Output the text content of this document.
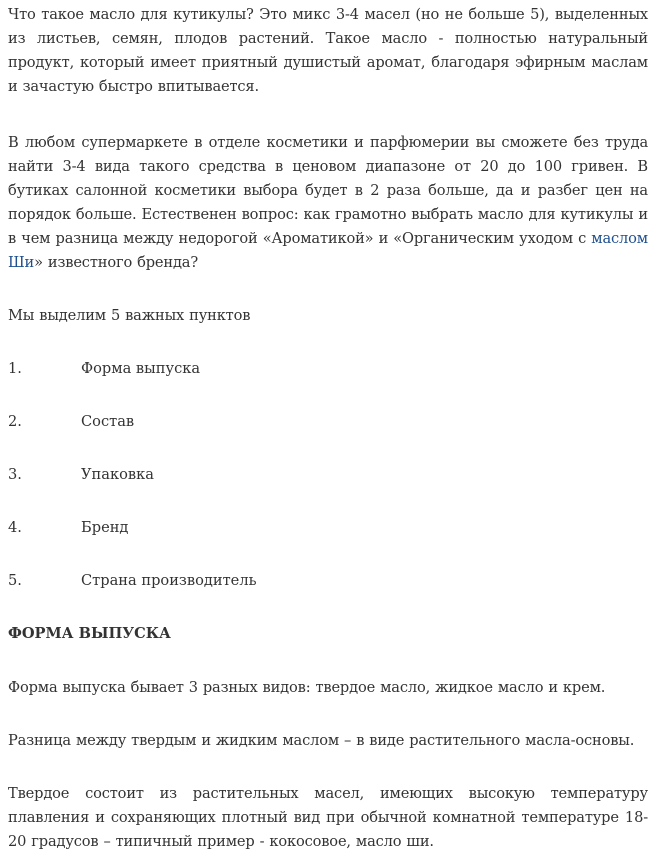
Что такое масло для кутикулы? Это микс 3-4 масел (но не больше 5), выделенных из листьев, семян, плодов растений. Такое масло - полностью натуральный продукт, который имеет приятный душистый аромат, благодаря эфирным маслам и зачастую быстро впитывается.

В любом супермаркете в отделе косметики и парфюмерии вы сможете без труда найти 3-4 вида такого средства в ценовом диапазоне от 20 до 100 гривен. В бутиках салонной косметики выбора будет в 2 раза больше, да и разбег цен на порядок больше. Естественен вопрос: как грамотно выбрать масло для кутикулы и в чем разница между недорогой «Ароматикой» и «Органическим уходом с маслом Ши» известного бренда?

Мы выделим 5 важных пунктов

1.	Форма выпуска
2.	Состав
3.	Упаковка
4.	Бренд
5.	Страна производитель
ФОРМА ВЫПУСКА

Форма выпуска бывает 3 разных видов: твердое масло, жидкое масло и крем.

Разница между твердым и жидким маслом – в виде растительного масла-основы.

Твердое состоит из растительных масел, имеющих высокую температуру плавления и сохраняющих плотный вид при обычной комнатной температуре 18-20 градусов – типичный пример - кокосовое, масло ши.
